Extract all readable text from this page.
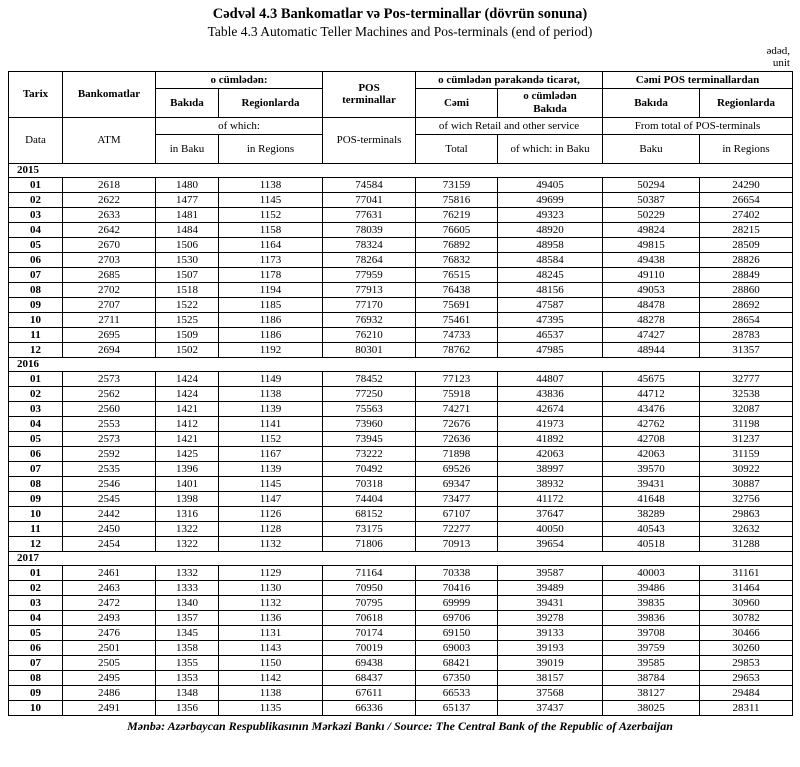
Cədvəl 4.3 Bankomatlar və Pos-terminallar (dövrün sonuna)
Table 4.3 Automatic Teller Machines and Pos-terminals (end of period)
ədəd,
unit
Tarix	Bankomatlar	o cümlədən:		POS terminallar	o cümlədən pərakəndə ticarət,		Cəmi POS terminallardan	
		Bakıda	Regionlarda		Cəmi	o cümlədən Bakıda	Bakıda	Regionlarda
Data	ATM	of which:		POS-terminals	of wich Retail and other service		From total of POS-terminals	
		in Baku	in Regions		Total	of which: in Baku	Baku	in Regions
2015								
01	2618	1480	1138	74584	73159	49405	50294	24290
02	2622	1477	1145	77041	75816	49699	50387	26654
03	2633	1481	1152	77631	76219	49323	50229	27402
04	2642	1484	1158	78039	76605	48920	49824	28215
05	2670	1506	1164	78324	76892	48958	49815	28509
06	2703	1530	1173	78264	76832	48584	49438	28826
07	2685	1507	1178	77959	76515	48245	49110	28849
08	2702	1518	1194	77913	76438	48156	49053	28860
09	2707	1522	1185	77170	75691	47587	48478	28692
10	2711	1525	1186	76932	75461	47395	48278	28654
11	2695	1509	1186	76210	74733	46537	47427	28783
12	2694	1502	1192	80301	78762	47985	48944	31357
2016								
01	2573	1424	1149	78452	77123	44807	45675	32777
02	2562	1424	1138	77250	75918	43836	44712	32538
03	2560	1421	1139	75563	74271	42674	43476	32087
04	2553	1412	1141	73960	72676	41973	42762	31198
05	2573	1421	1152	73945	72636	41892	42708	31237
06	2592	1425	1167	73222	71898	42063	42063	31159
07	2535	1396	1139	70492	69526	38997	39570	30922
08	2546	1401	1145	70318	69347	38932	39431	30887
09	2545	1398	1147	74404	73477	41172	41648	32756
10	2442	1316	1126	68152	67107	37647	38289	29863
11	2450	1322	1128	73175	72277	40050	40543	32632
12	2454	1322	1132	71806	70913	39654	40518	31288
2017								
01	2461	1332	1129	71164	70338	39587	40003	31161
02	2463	1333	1130	70950	70416	39489	39486	31464
03	2472	1340	1132	70795	69999	39431	39835	30960
04	2493	1357	1136	70618	69706	39278	39836	30782
05	2476	1345	1131	70174	69150	39133	39708	30466
06	2501	1358	1143	70019	69003	39193	39759	30260
07	2505	1355	1150	69438	68421	39019	39585	29853
08	2495	1353	1142	68437	67350	38157	38784	29653
09	2486	1348	1138	67611	66533	37568	38127	29484
10	2491	1356	1135	66336	65137	37437	38025	28311
Mənbə: Azərbaycan Respublikasının Mərkəzi Bankı / Source: The Central Bank of the Republic of Azerbaijan
